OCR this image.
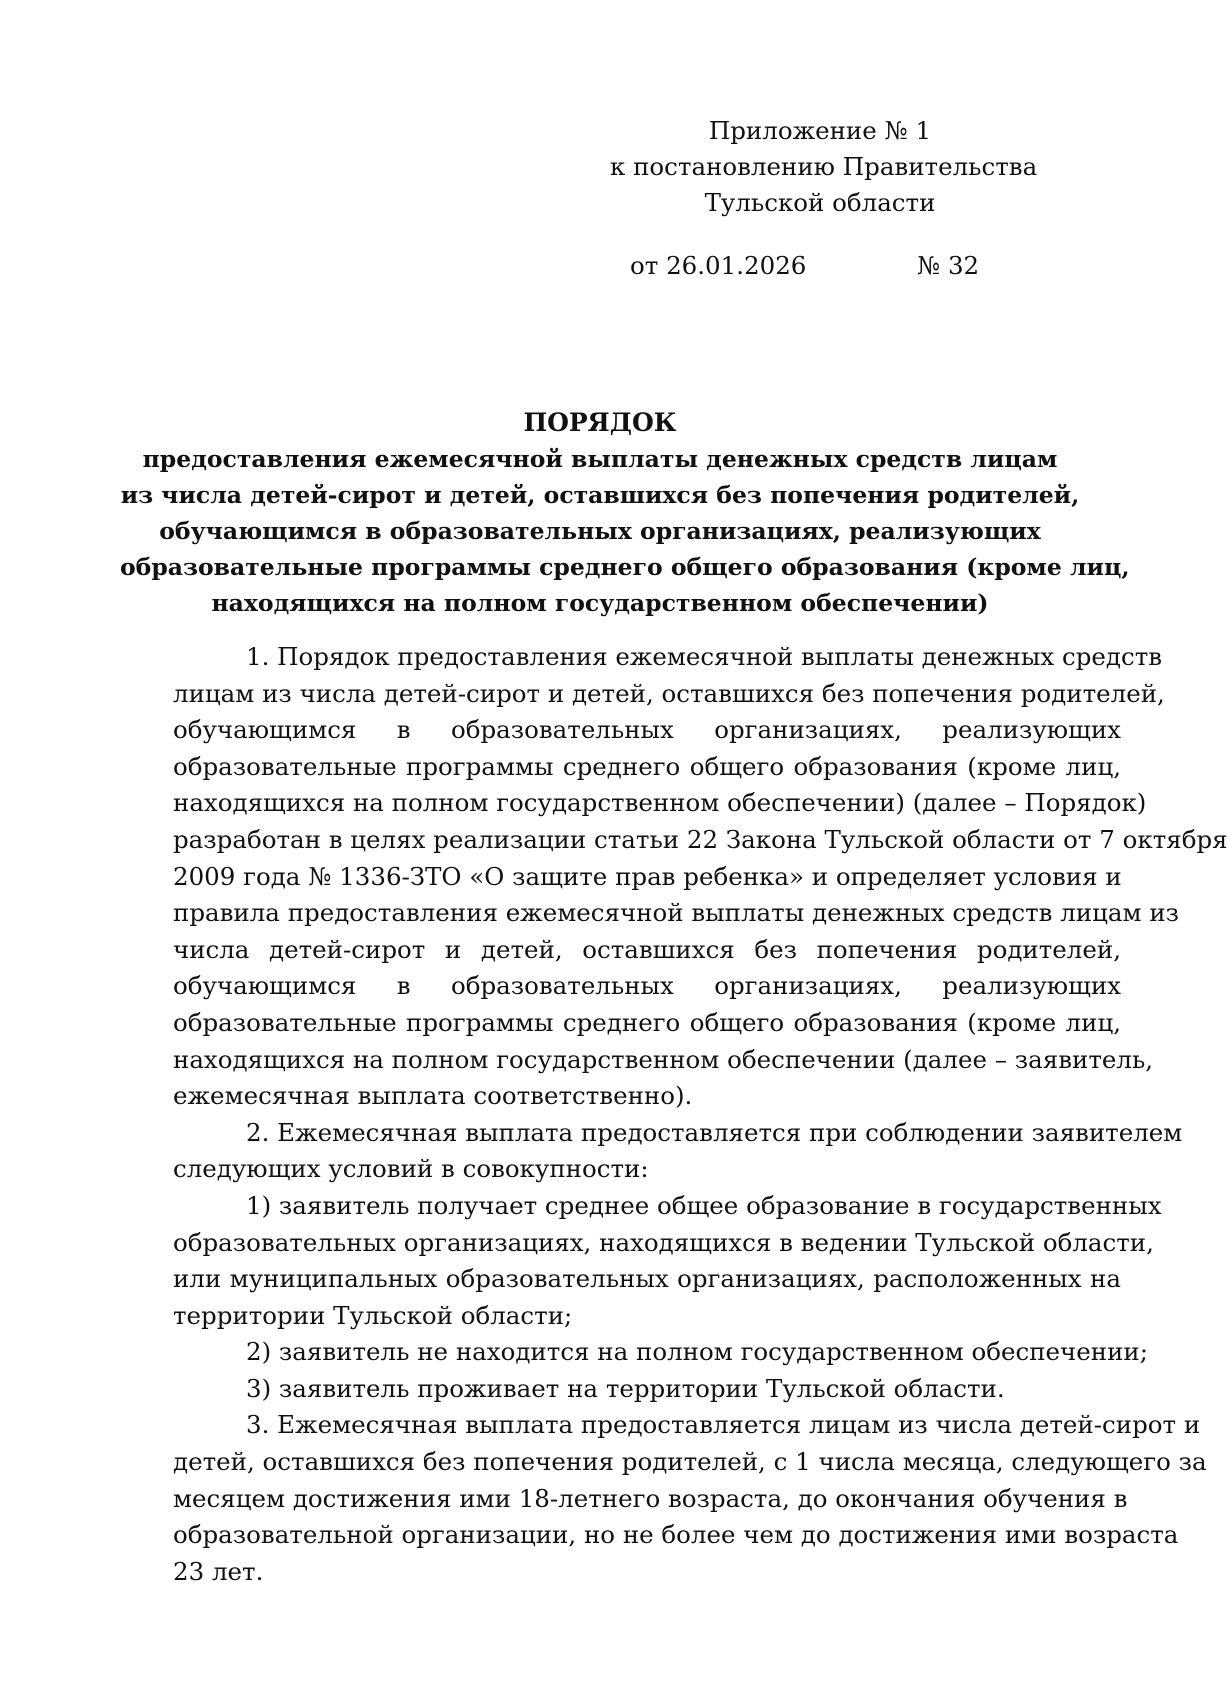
Приложение № 1
к постановлению Правительства
Тульской области
от 26.01.2026	№ 32
ПОРЯДОК
предоставления ежемесячной выплаты денежных средств лицам
из числа детей-сирот и детей, оставшихся без попечения родителей,
обучающимся в образовательных организациях, реализующих
образовательные программы среднего общего образования (кроме лиц,
находящихся на полном государственном обеспечении)
1. Порядок предоставления ежемесячной выплаты денежных средств
лицам из числа детей-сирот и детей, оставшихся без попечения родителей,
обучающимся в образовательных организациях, реализующих
образовательные программы среднего общего образования (кроме лиц,
находящихся на полном государственном обеспечении) (далее – Порядок)
разработан в целях реализации статьи 22 Закона Тульской области от 7 октября
2009 года № 1336-ЗТО «О защите прав ребенка» и определяет условия и
правила предоставления ежемесячной выплаты денежных средств лицам из
числа детей-сирот и детей, оставшихся без попечения родителей,
обучающимся в образовательных организациях, реализующих
образовательные программы среднего общего образования (кроме лиц,
находящихся на полном государственном обеспечении (далее – заявитель,
ежемесячная выплата соответственно).
2. Ежемесячная выплата предоставляется при соблюдении заявителем
следующих условий в совокупности:
1) заявитель получает среднее общее образование в государственных
образовательных организациях, находящихся в ведении Тульской области,
или муниципальных образовательных организациях, расположенных на
территории Тульской области;
2) заявитель не находится на полном государственном обеспечении;
3) заявитель проживает на территории Тульской области.
3. Ежемесячная выплата предоставляется лицам из числа детей-сирот и
детей, оставшихся без попечения родителей, с 1 числа месяца, следующего за
месяцем достижения ими 18-летнего возраста, до окончания обучения в
образовательной организации, но не более чем до достижения ими возраста
23 лет.
